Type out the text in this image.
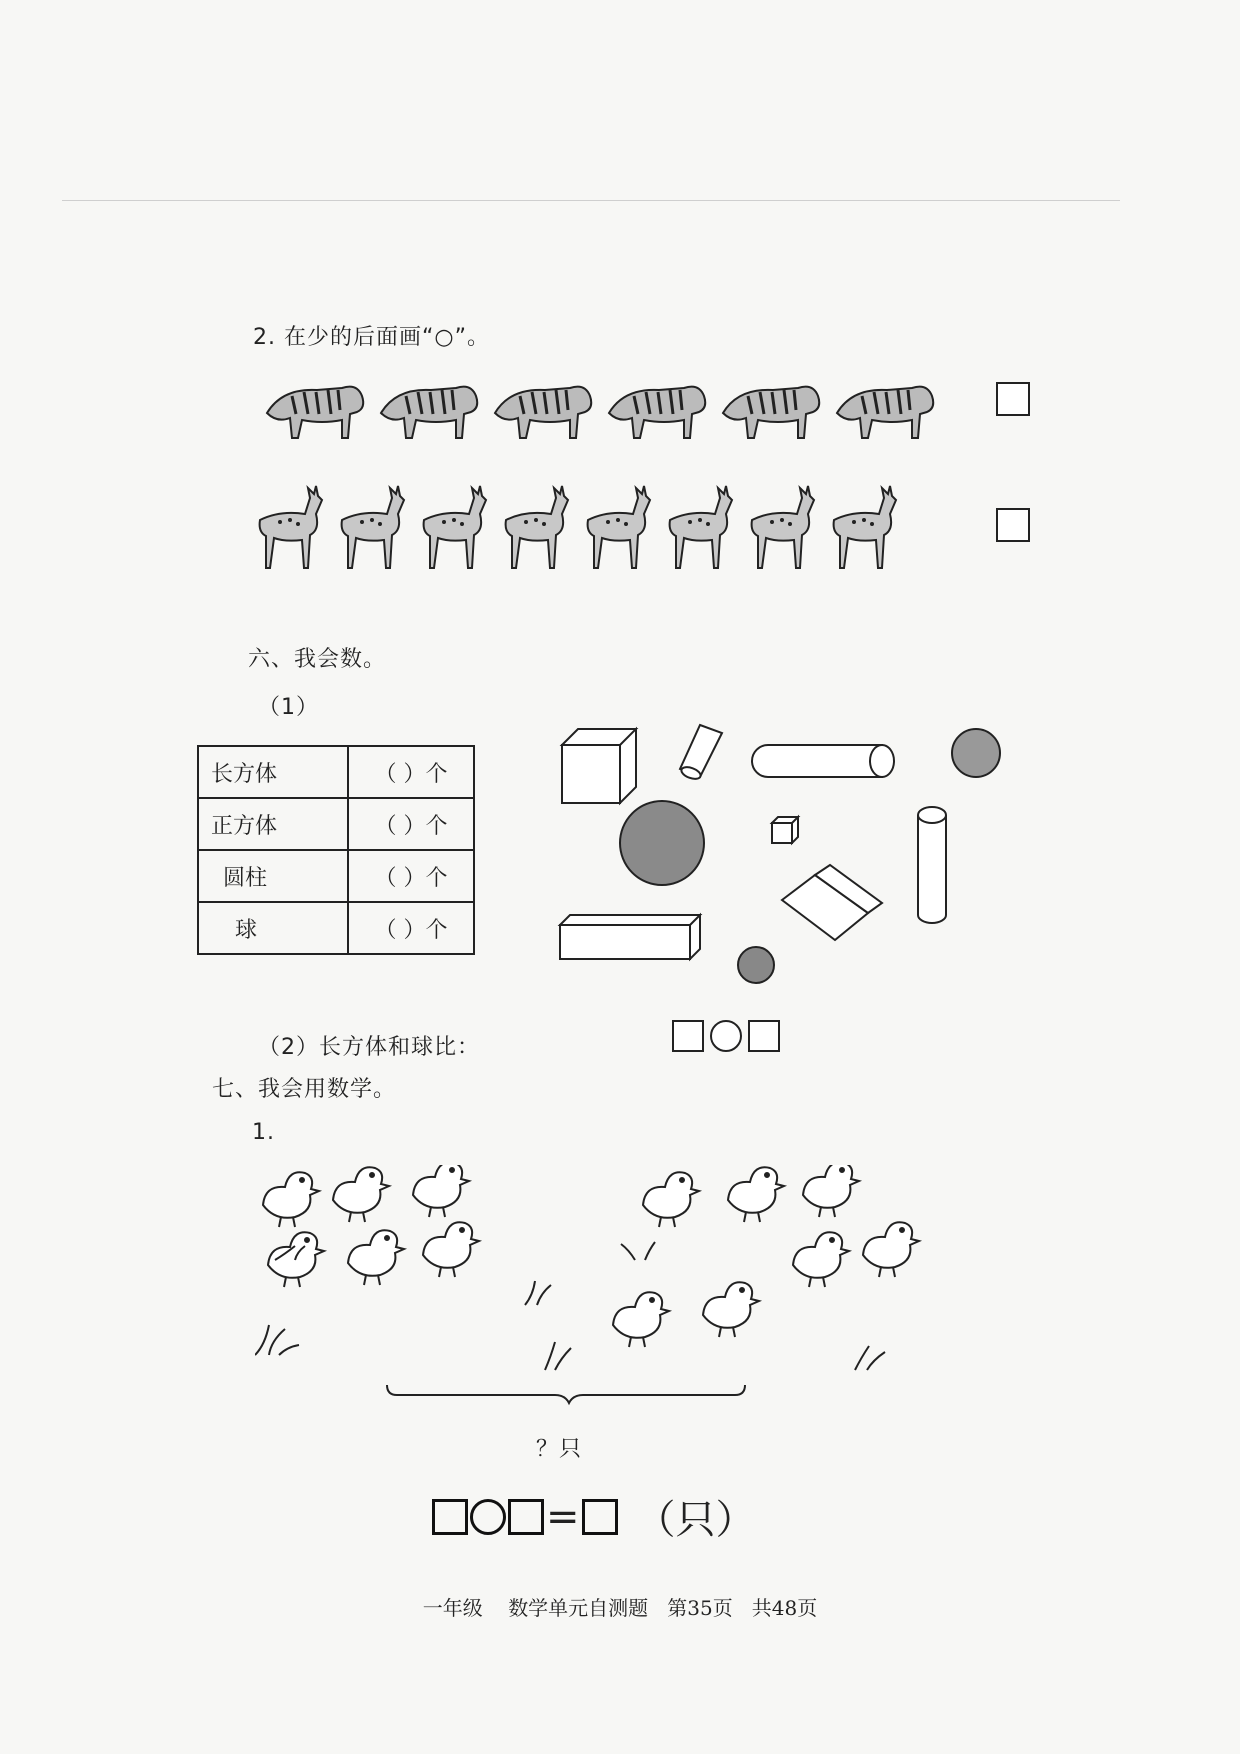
2. 在少的后面画“○”。
六、我会数。
（1）
长方体	（ ）个
正方体	（ ）个
圆柱	（ ）个
球	（ ）个
（2）长方体和球比：
七、我会用数学。
1.
？只
= （只）
一年级 数学单元自测题 第35页 共48页
